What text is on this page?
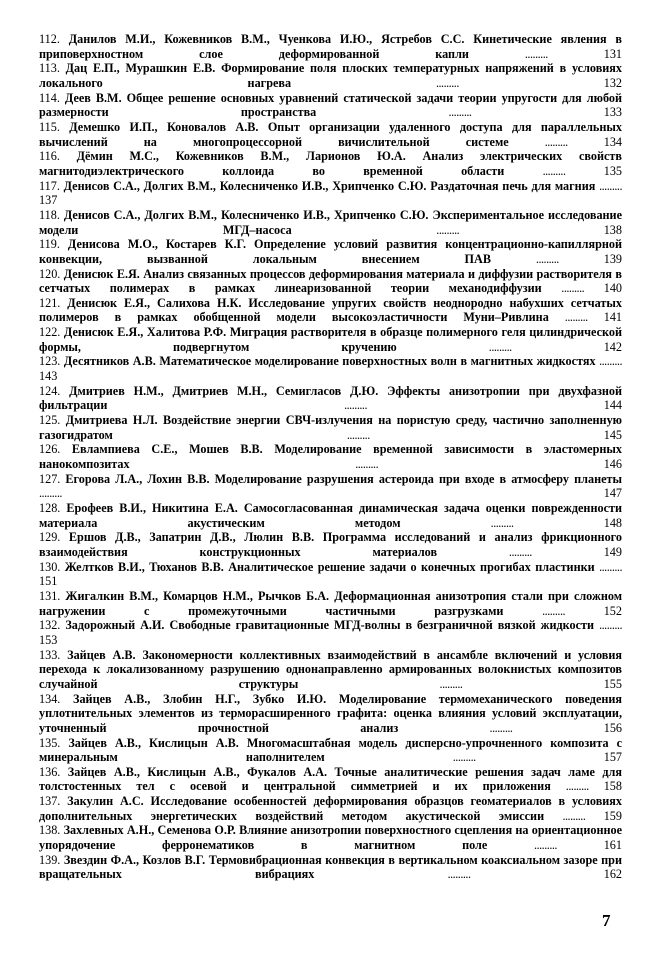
112. Данилов М.И., Кожевников В.М., Чуенкова И.Ю., Ястребов С.С. Кинетические явления в приповерхностном слое деформированной капли ......... 131
113. Дац Е.П., Мурашкин Е.В. Формирование поля плоских температурных напряжений в условиях локального нагрева ......... 132
114. Деев В.М. Общее решение основных уравнений статической задачи теории упругости для любой размерности пространства ......... 133
115. Демешко И.П., Коновалов А.В. Опыт организации удаленного доступа для параллельных вычислений на многопроцессорной вичислительной системе ......... 134
116. Дёмин М.С., Кожевников В.М., Ларионов Ю.А. Анализ электрических свойств магнитодиэлектрического коллоида во временной области ......... 135
117. Денисов С.А., Долгих В.М., Колесниченко И.В., Хрипченко С.Ю. Раздаточная печь для магния ......... 137
118. Денисов С.А., Долгих В.М., Колесниченко И.В., Хрипченко С.Ю. Экспериментальное исследование модели МГД–насоса ......... 138
119. Денисова М.О., Костарев К.Г. Определение условий развития концентрационно-капиллярной конвекции, вызванной локальным внесением ПАВ ......... 139
120. Денисюк Е.Я. Анализ связанных процессов деформирования материала и диффузии растворителя в сетчатых полимерах в рамках линеаризованной теории механодиффузии ......... 140
121. Денисюк Е.Я., Салихова Н.К. Исследование упругих свойств неоднородно набухших сетчатых полимеров в рамках обобщенной модели высокоэластичности Муни–Ривлина ......... 141
122. Денисюк Е.Я., Халитова Р.Ф. Миграция растворителя в образце полимерного геля цилиндрической формы, подвергнутом кручению ......... 142
123. Десятников А.В. Математическое моделирование поверхностных волн в магнитных жидкостях ......... 143
124. Дмитриев Н.М., Дмитриев М.Н., Семигласов Д.Ю. Эффекты анизотропии при двухфазной фильтрации ......... 144
125. Дмитриева Н.Л. Воздействие энергии СВЧ-излучения на пористую среду, частично заполненную газогидратом ......... 145
126. Евлампиева С.Е., Мошев В.В. Моделирование временной зависимости в эластомерных нанокомпозитах ......... 146
127. Егорова Л.А., Лохин В.В. Моделирование разрушения астероида при входе в атмосферу планеты ......... 147
128. Ерофеев В.И., Никитина Е.А. Самосогласованная динамическая задача оценки поврежденности материала акустическим методом ......... 148
129. Ершов Д.В., Запатрин Д.В., Люлин В.В. Программа исследований и анализ фрикционного взаимодействия конструкционных материалов ......... 149
130. Желтков В.И., Тюханов В.В. Аналитическое решение задачи о конечных прогибах пластинки ......... 151
131. Жигалкин В.М., Комарцов Н.М., Рычков Б.А. Деформационная анизотропия стали при сложном нагружении с промежуточными частичными разгрузками ......... 152
132. Задорожный А.И. Свободные гравитационные МГД-волны в безграничной вязкой жидкости ......... 153
133. Зайцев А.В. Закономерности коллективных взаимодействий в ансамбле включений и условия перехода к локализованному разрушению однонаправленно армированных волокнистых композитов случайной структуры ......... 155
134. Зайцев А.В., Злобин Н.Г., Зубко И.Ю. Моделирование термомеханического поведения уплотнительных элементов из терморасширенного графита: оценка влияния условий эксплуатации, уточненный прочностной анализ ......... 156
135. Зайцев А.В., Кислицын А.В. Многомасштабная модель дисперсно-упрочненного композита с минеральным наполнителем ......... 157
136. Зайцев А.В., Кислицын А.В., Фукалов А.А. Точные аналитические решения задач ламе для толстостенных тел с осевой и центральной симметрией и их приложения ......... 158
137. Закулин А.С. Исследование особенностей деформирования образцов геоматериалов в условиях дополнительных энергетических воздействий методом акустической эмиссии ......... 159
138. Захлевных А.Н., Семенова О.Р. Влияние анизотропии поверхностного сцепления на ориентационное упорядочение ферронематиков в магнитном поле ......... 161
139. Звездин Ф.А., Козлов В.Г. Термовибрационная конвекция в вертикальном коаксиальном зазоре при вращательных вибрациях ......... 162
7
